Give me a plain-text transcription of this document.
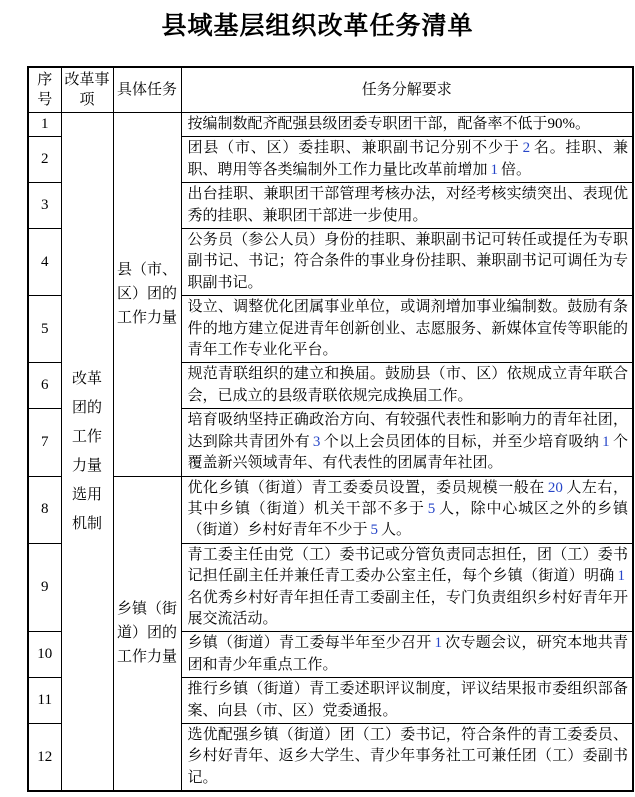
县域基层组织改革任务清单
序号	改革事项	具体任务	任务分解要求
1	改革团的工作力量选用机制	县（市、区）团的工作力量	按编制数配齐配强县级团委专职团干部，配备率不低于90%。
2			团县（市、区）委挂职、兼职副书记分别不少于 2 名。挂职、兼职、聘用等各类编制外工作力量比改革前增加 1 倍。
3			出台挂职、兼职团干部管理考核办法，对经考核实绩突出、表现优秀的挂职、兼职团干部进一步使用。
4			公务员（参公人员）身份的挂职、兼职副书记可转任或提任为专职副书记、书记；符合条件的事业身份挂职、兼职副书记可调任为专职副书记。
5			设立、调整优化团属事业单位，或调剂增加事业编制数。鼓励有条件的地方建立促进青年创新创业、志愿服务、新媒体宣传等职能的青年工作专业化平台。
6			规范青联组织的建立和换届。鼓励县（市、区）依规成立青年联合会，已成立的县级青联依规完成换届工作。
7			培育吸纳坚持正确政治方向、有较强代表性和影响力的青年社团，达到除共青团外有 3 个以上会员团体的目标，并至少培育吸纳 1 个覆盖新兴领域青年、有代表性的团属青年社团。
8		乡镇（街道）团的工作力量	优化乡镇（街道）青工委委员设置，委员规模一般在 20 人左右，其中乡镇（街道）机关干部不多于 5 人，除中心城区之外的乡镇（街道）乡村好青年不少于 5 人。
9			青工委主任由党（工）委书记或分管负责同志担任，团（工）委书记担任副主任并兼任青工委办公室主任，每个乡镇（街道）明确 1名优秀乡村好青年担任青工委副主任，专门负责组织乡村好青年开展交流活动。
10			乡镇（街道）青工委每半年至少召开 1 次专题会议，研究本地共青团和青少年重点工作。
11			推行乡镇（街道）青工委述职评议制度，评议结果报市委组织部备案、向县（市、区）党委通报。
12			选优配强乡镇（街道）团（工）委书记，符合条件的青工委委员、乡村好青年、返乡大学生、青少年事务社工可兼任团（工）委副书记。
